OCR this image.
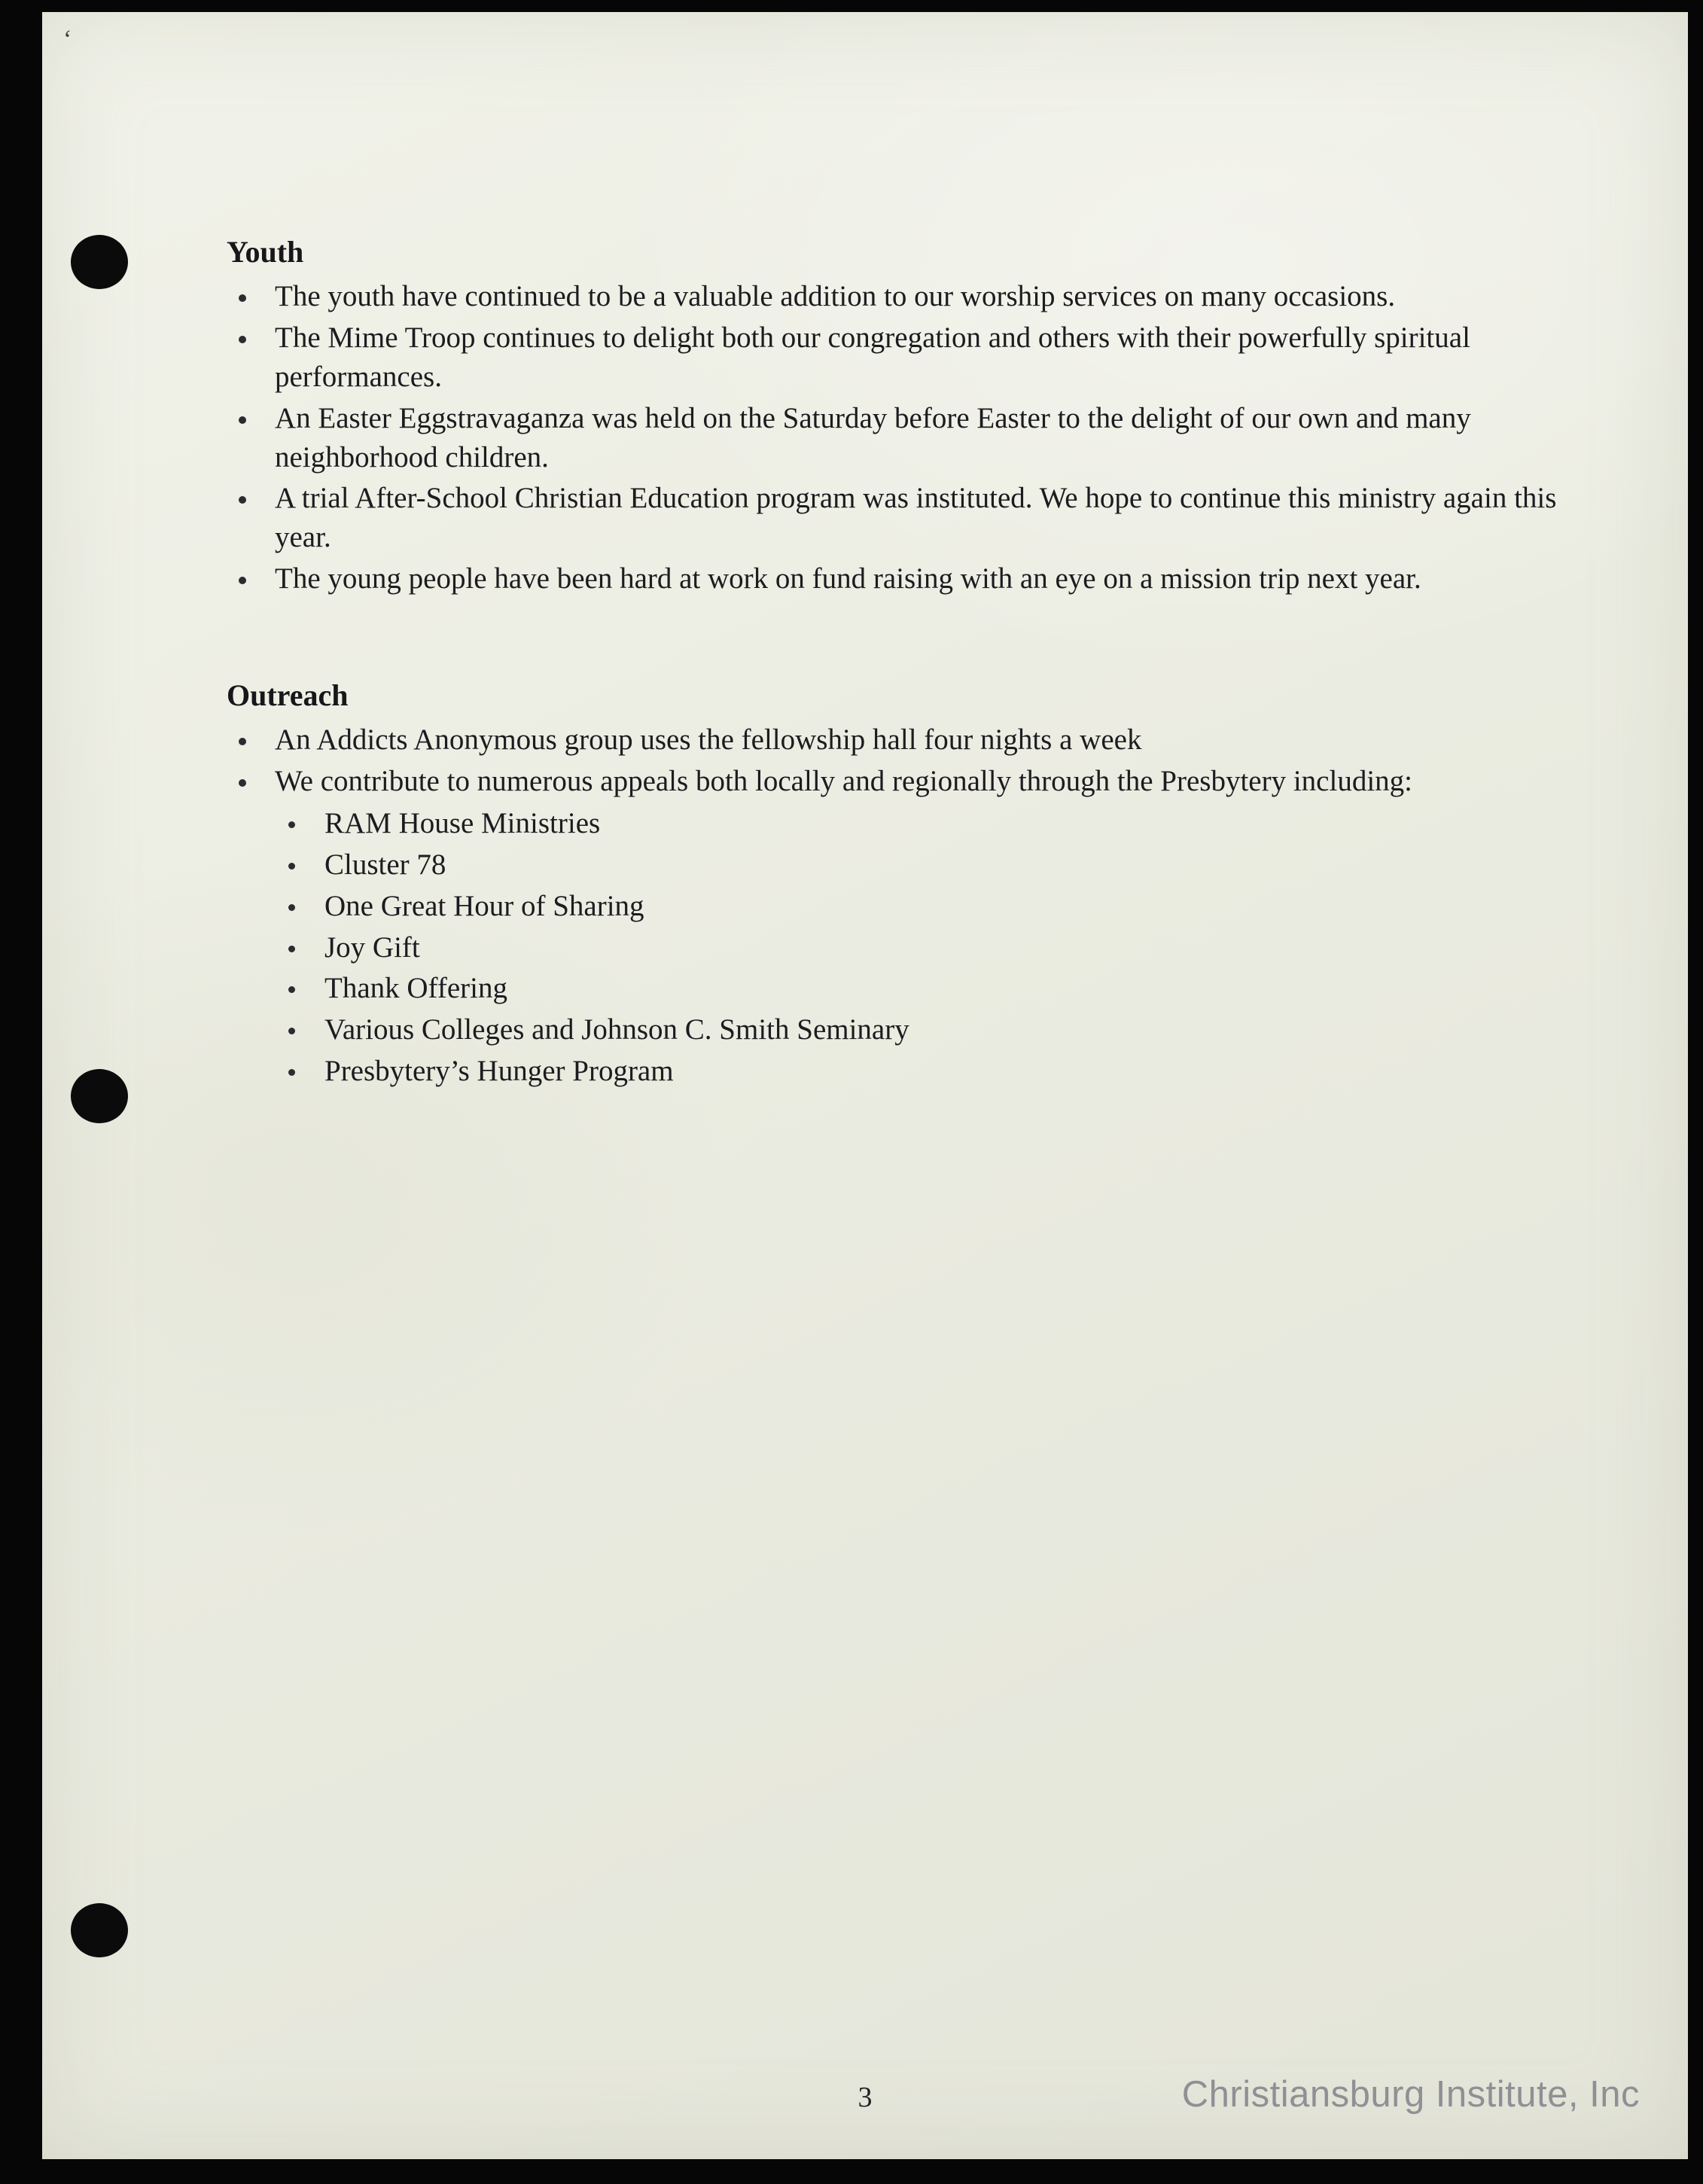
‘
Youth
The youth have continued to be a valuable addition to our worship services on many occasions.
The Mime Troop continues to delight both our congregation and others with their powerfully spiritual performances.
An Easter Eggstravaganza was held on the Saturday before Easter to the delight of our own and many neighborhood children.
A trial After-School Christian Education program was instituted. We hope to continue this ministry again this year.
The young people have been hard at work on fund raising with an eye on a mission trip next year.
Outreach
An Addicts Anonymous group uses the fellowship hall four nights a week
We contribute to numerous appeals both locally and regionally through the Presbytery including:
RAM House Ministries
Cluster 78
One Great Hour of Sharing
Joy Gift
Thank Offering
Various Colleges and Johnson C. Smith Seminary
Presbytery’s Hunger Program
3	Christiansburg Institute, Inc
